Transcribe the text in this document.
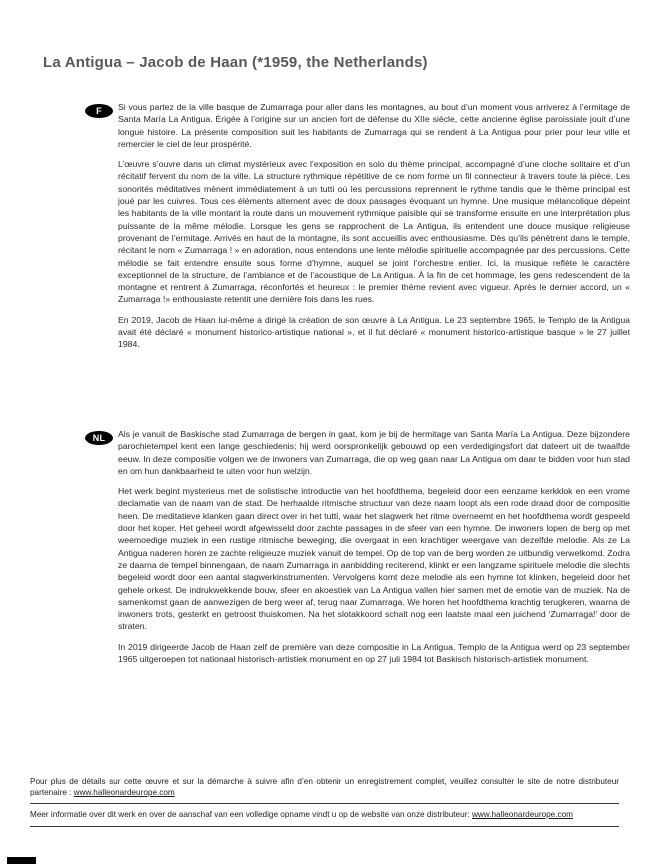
La Antigua – Jacob de Haan (*1959, the Netherlands)
F	Si vous partez de la ville basque de Zumarraga pour aller dans les montagnes, au bout d’un moment vous arriverez à l’ermitage de Santa María La Antigua. Érigée à l’origine sur un ancien fort de défense du XIIe siècle, cette ancienne église paroissiale jouit d’une longue histoire. La présente composition suit les habitants de Zumarraga qui se rendent à La Antigua pour prier pour leur ville et remercier le ciel de leur prospérité.

L’œuvre s’ouvre dans un climat mystérieux avec l’exposition en solo du thème principal, accompagné d’une cloche solitaire et d’un récitatif fervent du nom de la ville. La structure rythmique répétitive de ce nom forme un fil connecteur à travers toute la pièce. Les sonorités méditatives mènent immédiatement à un tutti où les percussions reprennent le rythme tandis que le thème principal est joué par les cuivres. Tous ces éléments alternent avec de doux passages évoquant un hymne. Une musique mélancolique dépeint les habitants de la ville montant la route dans un mouvement rythmique paisible qui se transforme ensuite en une interprétation plus puissante de la même mélodie. Lorsque les gens se rapprochent de La Antigua, ils entendent une douce musique religieuse provenant de l’ermitage. Arrivés en haut de la montagne, ils sont accueillis avec enthousiasme. Dès qu’ils pénètrent dans le temple, récitant le nom « Zumarraga ! » en adoration, nous entendons une lente mélodie spirituelle accompagnée par des percussions. Cette mélodie se fait entendre ensuite sous forme d’hymne, auquel se joint l’orchestre entier. Ici, la musique reflète le caractère exceptionnel de la structure, de l’ambiance et de l’acoustique de La Antigua. À la fin de cet hommage, les gens redescendent de la montagne et rentrent à Zumarraga, réconfortés et heureux : le premier thème revient avec vigueur. Après le dernier accord, un « Zumarraga !» enthousiaste retentit une dernière fois dans les rues.

En 2019, Jacob de Haan lui-même a dirigé la création de son œuvre à La Antigua. Le 23 septembre 1965, le Templo de la Antigua avait été déclaré « monument historico-artistique national », et il fut déclaré « monument historico-artistique basque » le 27 juillet 1984.

NL	Als je vanuit de Baskische stad Zumarraga de bergen in gaat, kom je bij de hermitage van Santa María La Antigua. Deze bijzondere parochietempel kent een lange geschiedenis; hij werd oorspronkelijk gebouwd op een verdedigingsfort dat dateert uit de twaalfde eeuw. In deze compositie volgen we de inwoners van Zumarraga, die op weg gaan naar La Antigua om daar te bidden voor hun stad en om hun dankbaarheid te uiten voor hun welzijn.

Het werk begint mysterieus met de solistische introductie van het hoofdthema, begeleid door een eenzame kerkklok en een vrome declamatie van de naam van de stad. De herhaalde ritmische structuur van deze naam loopt als een rode draad door de compositie heen. De meditatieve klanken gaan direct over in het tutti, waar het slagwerk het ritme overneemt en het hoofdthema wordt gespeeld door het koper. Het geheel wordt afgewisseld door zachte passages in de sfeer van een hymne. De inwoners lopen de berg op met weemoedige muziek in een rustige ritmische beweging, die overgaat in een krachtiger weergave van dezelfde melodie. Als ze La Antigua naderen horen ze zachte religieuze muziek vanuit de tempel. Op de top van de berg worden ze uitbundig verwelkomd. Zodra ze daarna de tempel binnengaan, de naam Zumarraga in aanbidding reciterend, klinkt er een langzame spirituele melodie die slechts begeleid wordt door een aantal slagwerkinstrumenten. Vervolgens komt deze melodie als een hymne tot klinken, begeleid door het gehele orkest. De indrukwekkende bouw, sfeer en akoestiek van La Antigua vallen hier samen met de emotie van de muziek. Na de samenkomst gaan de aanwezigen de berg weer af, terug naar Zumarraga. We horen het hoofdthema krachtig terugkeren, waarna de inwoners trots, gesterkt en getroost thuiskomen. Na het slotakkoord schalt nog een laatste maal een juichend ‘Zumarraga!’ door de straten.

In 2019 dirigeerde Jacob de Haan zelf de première van deze compositie in La Antigua. Templo de la Antigua werd op 23 september 1965 uitgeroepen tot nationaal historisch-artistiek monument en op 27 juli 1984 tot Baskisch historisch-artistiek monument.

Pour plus de détails sur cette œuvre et sur la démarche à suivre afin d’en obtenir un enregistrement complet, veuillez consulter le site de notre distributeur partenaire : www.halleonardeurope.com

Meer informatie over dit werk en over de aanschaf van een volledige opname vindt u op de website van onze distributeur: www.halleonardeurope.com
